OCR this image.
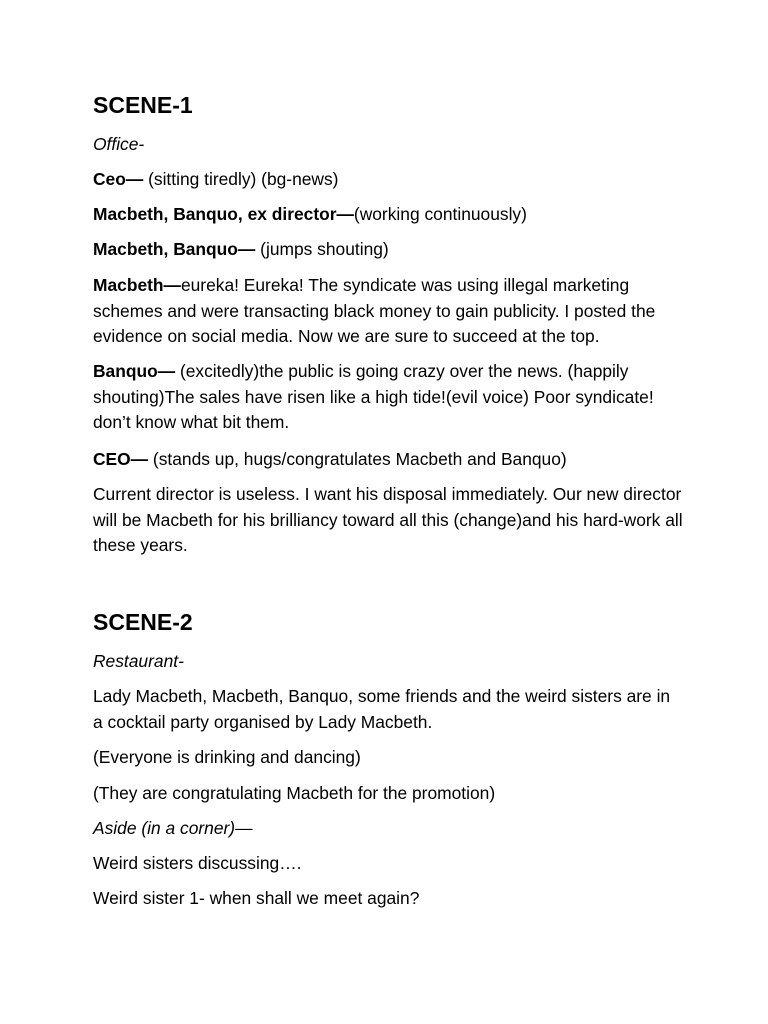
SCENE-1

Office-

Ceo— (sitting tiredly) (bg-news)

Macbeth, Banquo, ex director—(working continuously)

Macbeth, Banquo— (jumps shouting)

Macbeth—eureka! Eureka! The syndicate was using illegal marketing schemes and were transacting black money to gain publicity. I posted the evidence on social media. Now we are sure to succeed at the top.

Banquo— (excitedly)the public is going crazy over the news. (happily shouting)The sales have risen like a high tide!(evil voice) Poor syndicate! don’t know what bit them.

CEO— (stands up, hugs/congratulates Macbeth and Banquo)

Current director is useless. I want his disposal immediately. Our new director will be Macbeth for his brilliancy toward all this (change)and his hard-work all these years.

SCENE-2

Restaurant-

Lady Macbeth, Macbeth, Banquo, some friends and the weird sisters are in a cocktail party organised by Lady Macbeth.

(Everyone is drinking and dancing)

(They are congratulating Macbeth for the promotion)

Aside (in a corner)—

Weird sisters discussing….

Weird sister 1- when shall we meet again?
